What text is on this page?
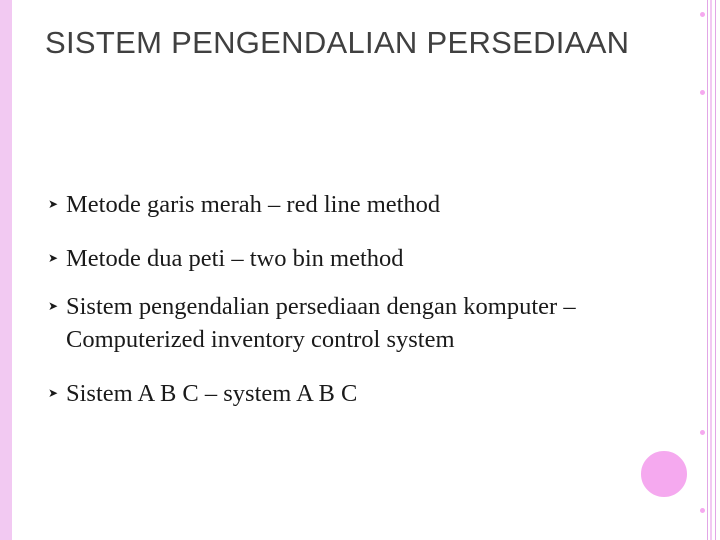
SISTEM PENGENDALIAN PERSEDIAAN
➤ Metode garis merah – red line method
➤ Metode dua peti – two bin method
➤ Sistem pengendalian persediaan dengan komputer – Computerized inventory control system
➤ Sistem A B C – system A B C
